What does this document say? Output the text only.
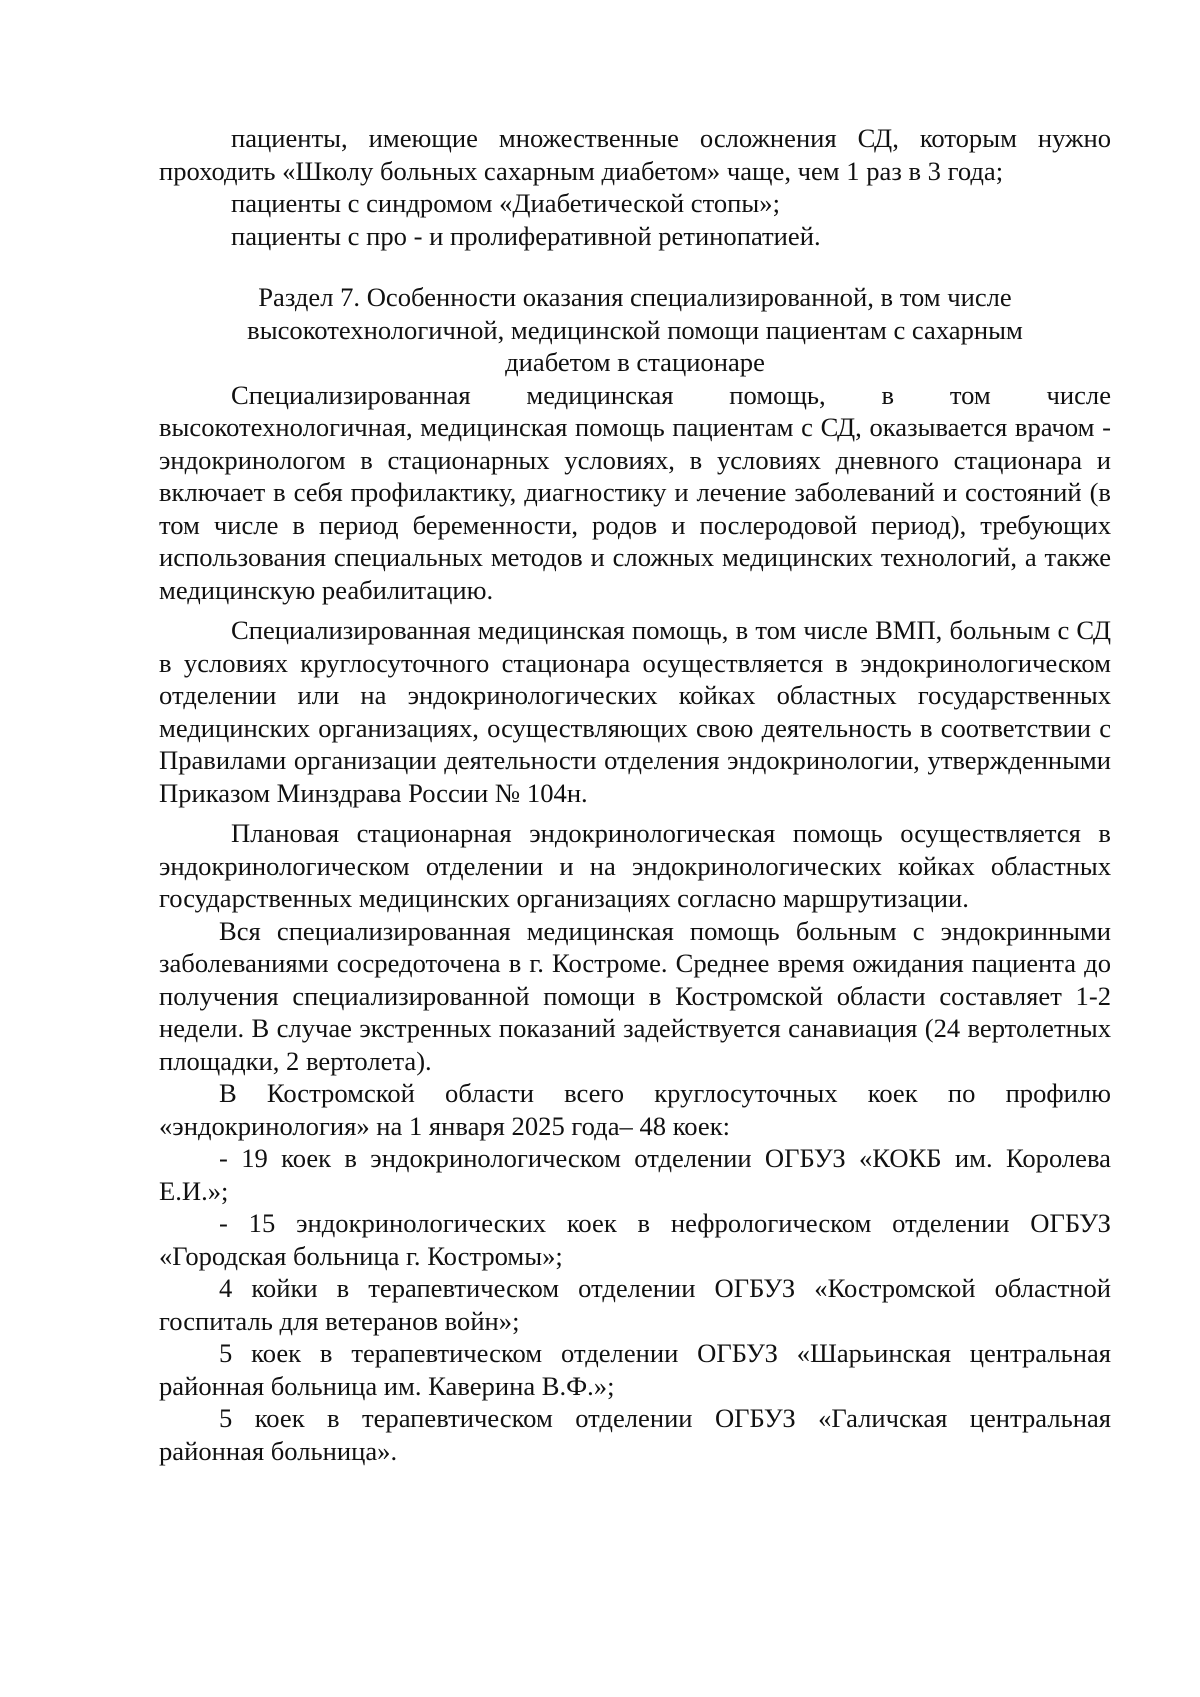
пациенты, имеющие множественные осложнения СД, которым нужно проходить «Школу больных сахарным диабетом» чаще, чем 1 раз в 3 года;

пациенты с синдромом «Диабетической стопы»;

пациенты с про - и пролиферативной ретинопатией.

Раздел 7. Особенности оказания специализированной, в том числе высокотехнологичной, медицинской помощи пациентам с сахарным диабетом в стационаре

Специализированная медицинская помощь, в том числе высокотехнологичная, медицинская помощь пациентам с СД, оказывается врачом - эндокринологом в стационарных условиях, в условиях дневного стационара и включает в себя профилактику, диагностику и лечение заболеваний и состояний (в том числе в период беременности, родов и послеродовой период), требующих использования специальных методов и сложных медицинских технологий, а также медицинскую реабилитацию.

Специализированная медицинская помощь, в том числе ВМП, больным с СД в условиях круглосуточного стационара осуществляется в эндокринологическом отделении или на эндокринологических койках областных государственных медицинских организациях, осуществляющих свою деятельность в соответствии с Правилами организации деятельности отделения эндокринологии, утвержденными Приказом Минздрава России № 104н.

Плановая стационарная эндокринологическая помощь осуществляется в эндокринологическом отделении и на эндокринологических койках областных государственных медицинских организациях согласно маршрутизации.

Вся специализированная медицинская помощь больным с эндокринными заболеваниями сосредоточена в г. Костроме. Среднее время ожидания пациента до получения специализированной помощи в Костромской области составляет 1-2 недели. В случае экстренных показаний задействуется санавиация (24 вертолетных площадки, 2 вертолета).

В Костромской области всего круглосуточных коек по профилю «эндокринология» на 1 января 2025 года– 48 коек:

- 19 коек в эндокринологическом отделении ОГБУЗ «КОКБ им. Королева Е.И.»;

- 15 эндокринологических коек в нефрологическом отделении ОГБУЗ «Городская больница г. Костромы»;

4 койки в терапевтическом отделении ОГБУЗ «Костромской областной госпиталь для ветеранов войн»;

5 коек в терапевтическом отделении ОГБУЗ «Шарьинская центральная районная больница им. Каверина В.Ф.»;

5 коек в терапевтическом отделении ОГБУЗ «Галичская центральная районная больница».
